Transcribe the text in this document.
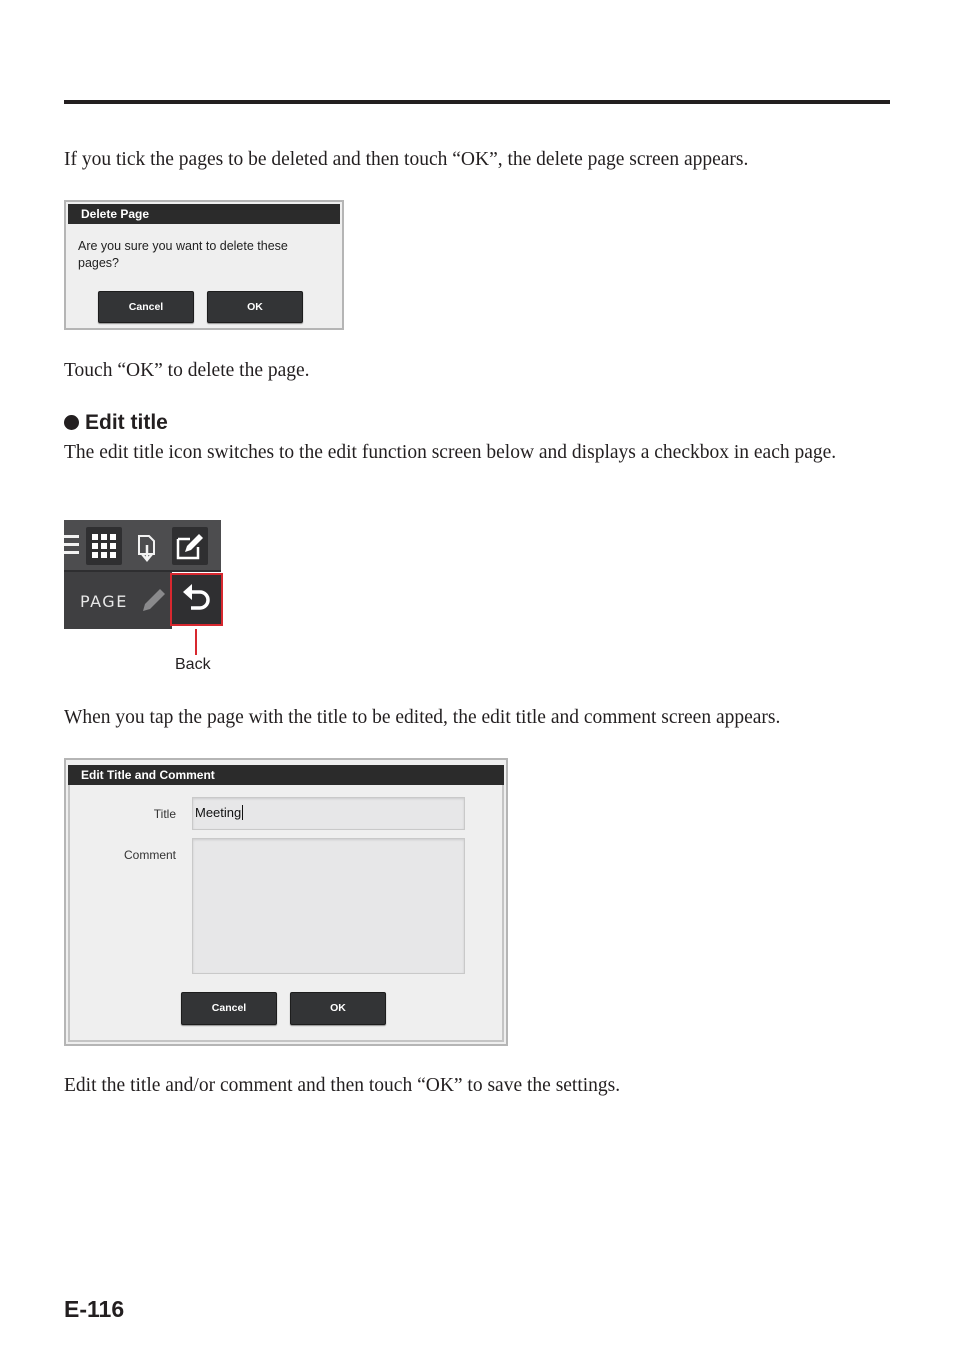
If you tick the pages to be deleted and then touch “OK”, the delete page screen appears.

Delete Page
Are you sure you want to delete these pages?
Cancel	OK

Touch “OK” to delete the page.

Edit title

The edit title icon switches to the edit function screen below and displays a checkbox in each page.

PAGE
Back

When you tap the page with the title to be edited, the edit title and comment screen appears.

Edit Title and Comment
Title Meeting
Comment
Cancel	OK

Edit the title and/or comment and then touch “OK” to save the settings.

E-116
